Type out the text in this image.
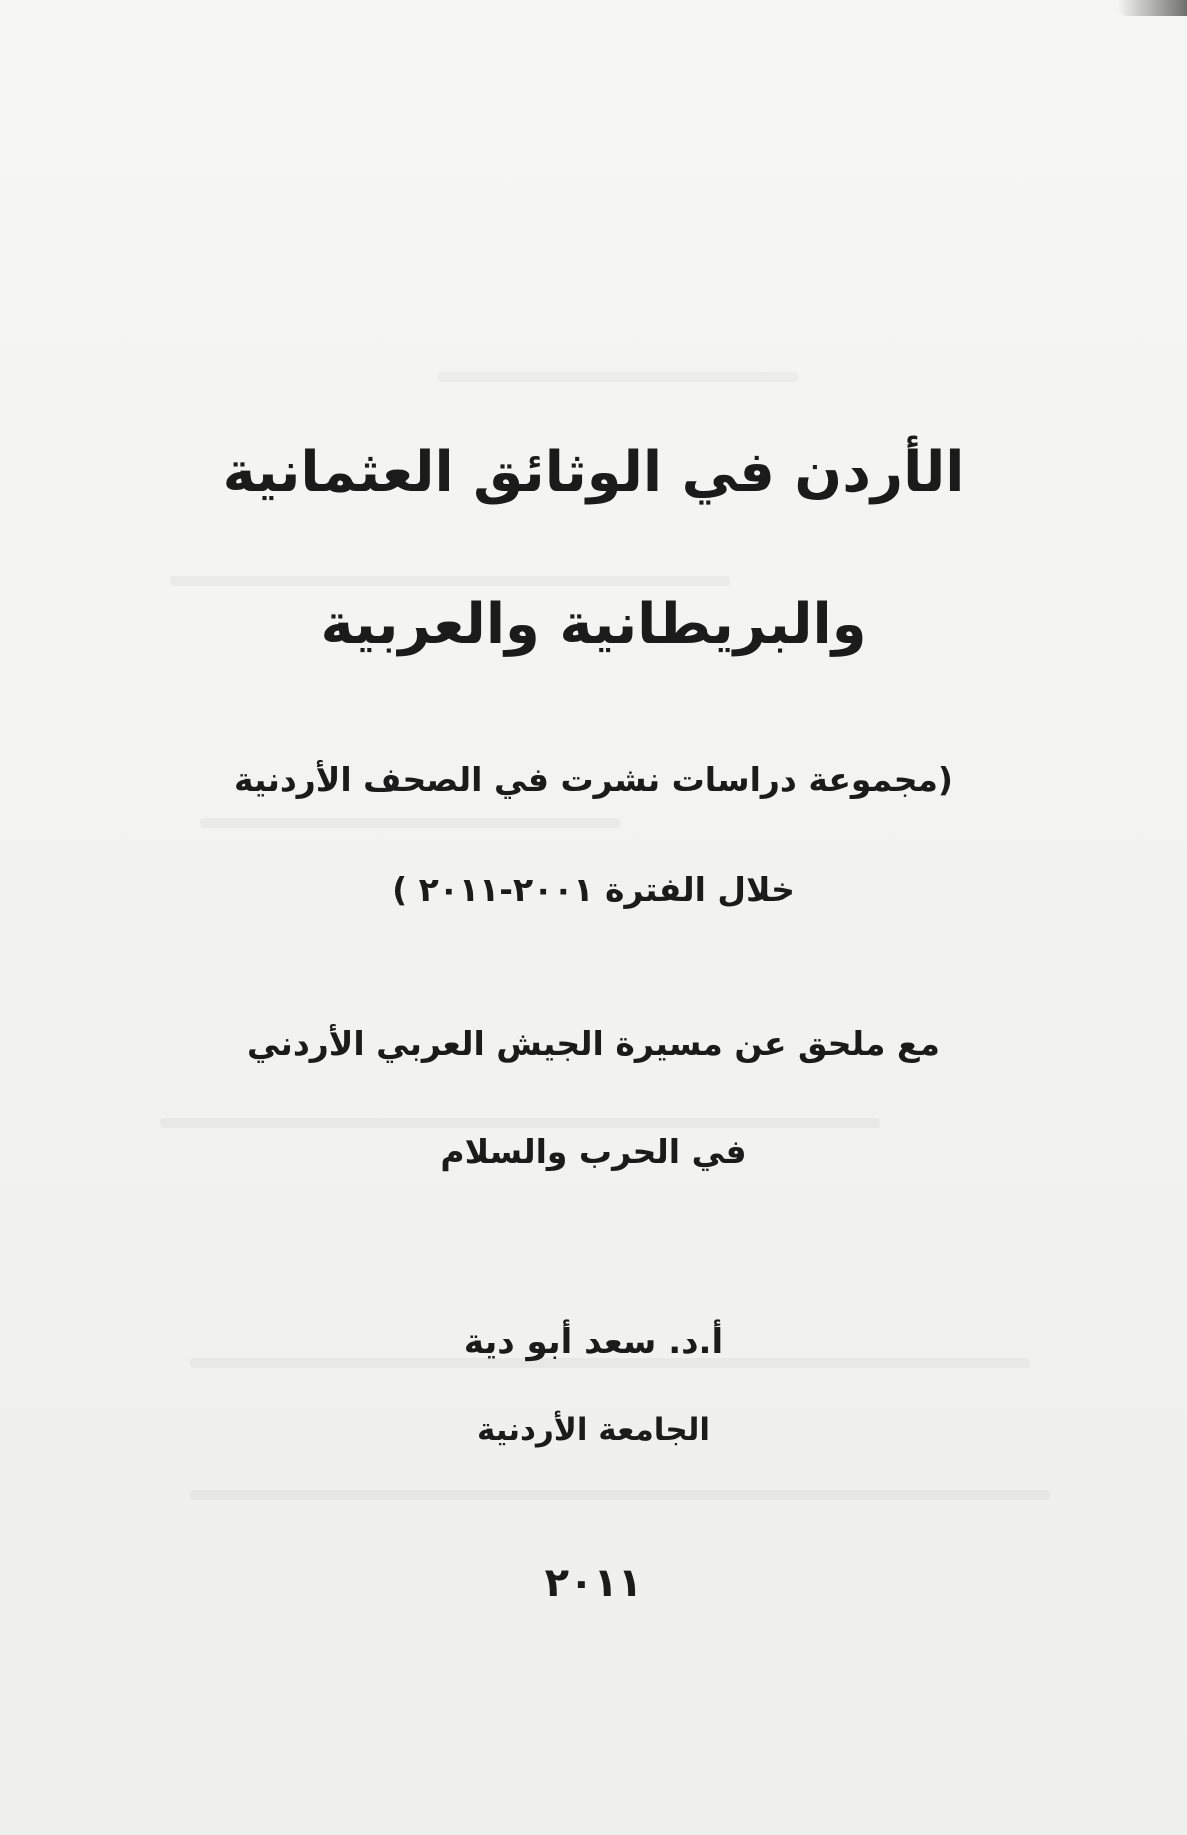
الأردن في الوثائق العثمانية
والبريطانية والعربية
(مجموعة دراسات نشرت في الصحف الأردنية
خلال الفترة ٢٠٠١-٢٠١١ )
مع ملحق عن مسيرة الجيش العربي الأردني
في الحرب والسلام
أ.د. سعد أبو دية
الجامعة الأردنية
٢٠١١
